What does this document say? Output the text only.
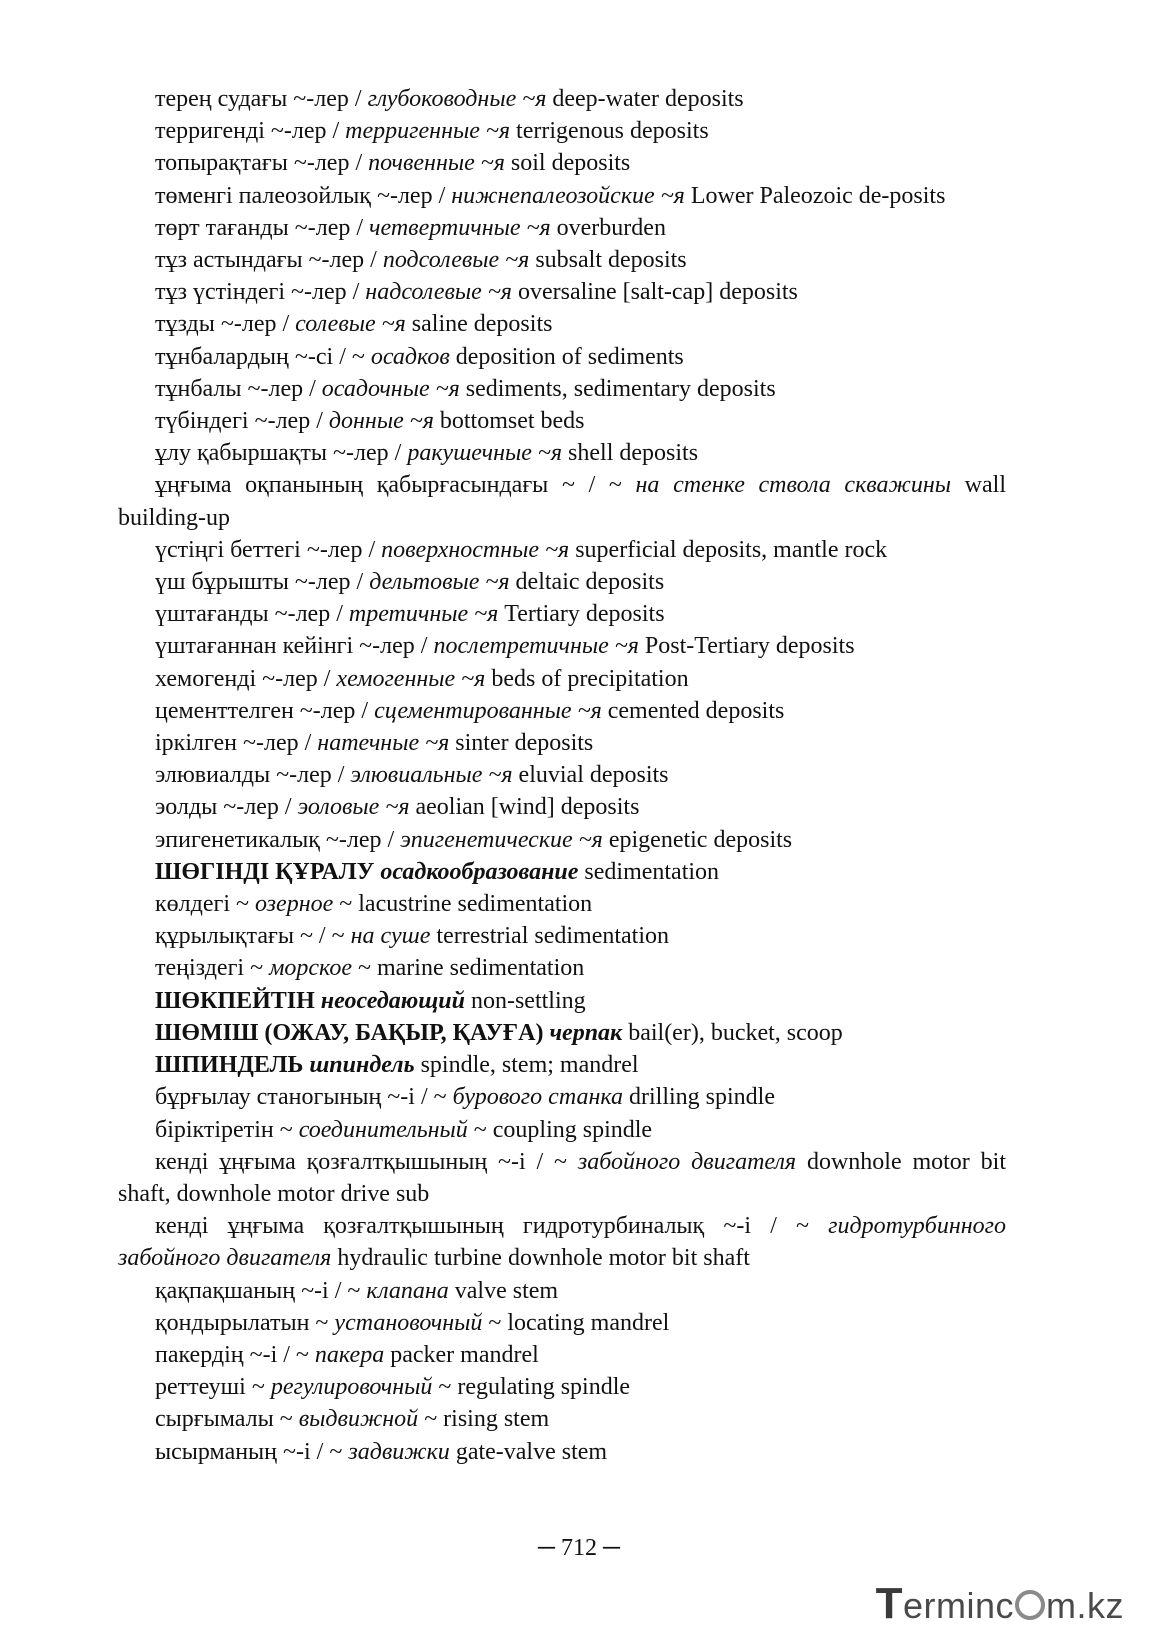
терең судағы ~-лер / глубоководные ~я deep-water deposits

терригенді ~-лер / терригенные ~я terrigenous deposits

топырақтағы ~-лер / почвенные ~я soil deposits

төменгі палеозойлық ~-лер / нижнепалеозойские ~я Lower Paleozoic de-posits

төрт тағанды ~-лер / четвертичные ~я overburden

тұз астындағы ~-лер / подсолевые ~я subsalt deposits

тұз үстіндегі ~-лер / надсолевые ~я oversaline [salt-cap] deposits

тұзды ~-лер / солевые ~я saline deposits

тұнбалардың ~-сі / ~ осадков deposition of sediments

тұнбалы ~-лер / осадочные ~я sediments, sedimentary deposits

түбіндегі ~-лер / донные ~я bottomset beds

ұлу қабыршақты ~-лер / ракушечные ~я shell deposits

ұңғыма оқпанының қабырғасындағы ~ / ~ на стенке ствола скважины wall building-up

үстіңгі беттегі ~-лер / поверхностные ~я superficial deposits, mantle rock

үш бұрышты ~-лер / дельтовые ~я deltaic deposits

үштағанды ~-лер / третичные ~я Tertiary deposits

үштағаннан кейінгі ~-лер / послетретичные ~я Post-Tertiary deposits

хемогенді ~-лер / хемогенные ~я beds of precipitation

цементтелген ~-лер / сцементированные ~я cemented deposits

іркілген ~-лер / натечные ~я sinter deposits

элювиалды ~-лер / элювиальные ~я eluvial deposits

эолды ~-лер / эоловые ~я aeolian [wind] deposits

эпигенетикалық ~-лер / эпигенетические ~я epigenetic deposits

ШӨГІНДІ ҚҰРАЛУ осадкообразование sedimentation

көлдегі ~ озерное ~ lacustrine sedimentation

құрылықтағы ~ / ~ на суше terrestrial sedimentation

теңіздегі ~ морское ~ marine sedimentation

ШӨКПЕЙТІН неоседающий non-settling

ШӨМІШ (ОЖАУ, БАҚЫР, ҚАУҒА) черпак bail(er), bucket, scoop

ШПИНДЕЛЬ шпиндель spindle, stem; mandrel

бұрғылау станогының ~-і / ~ бурового станка drilling spindle

біріктіретін ~ соединительный ~ coupling spindle

кенді ұңғыма қозғалтқышының ~-і / ~ забойного двигателя downhole motor bit shaft, downhole motor drive sub

кенді ұңғыма қозғалтқышының гидротурбиналық ~-і / ~ гидротурбинного забойного двигателя hydraulic turbine downhole motor bit shaft

қақпақшаның ~-і / ~ клапана valve stem

қондырылатын ~ установочный ~ locating mandrel

пакердің ~-і / ~ пакера packer mandrel

реттеуші ~ регулировочный ~ regulating spindle

сырғымалы ~ выдвижной ~ rising stem

ысырманың ~-і / ~ задвижки gate-valve stem

─ 712 ─
Terminc m.kz
